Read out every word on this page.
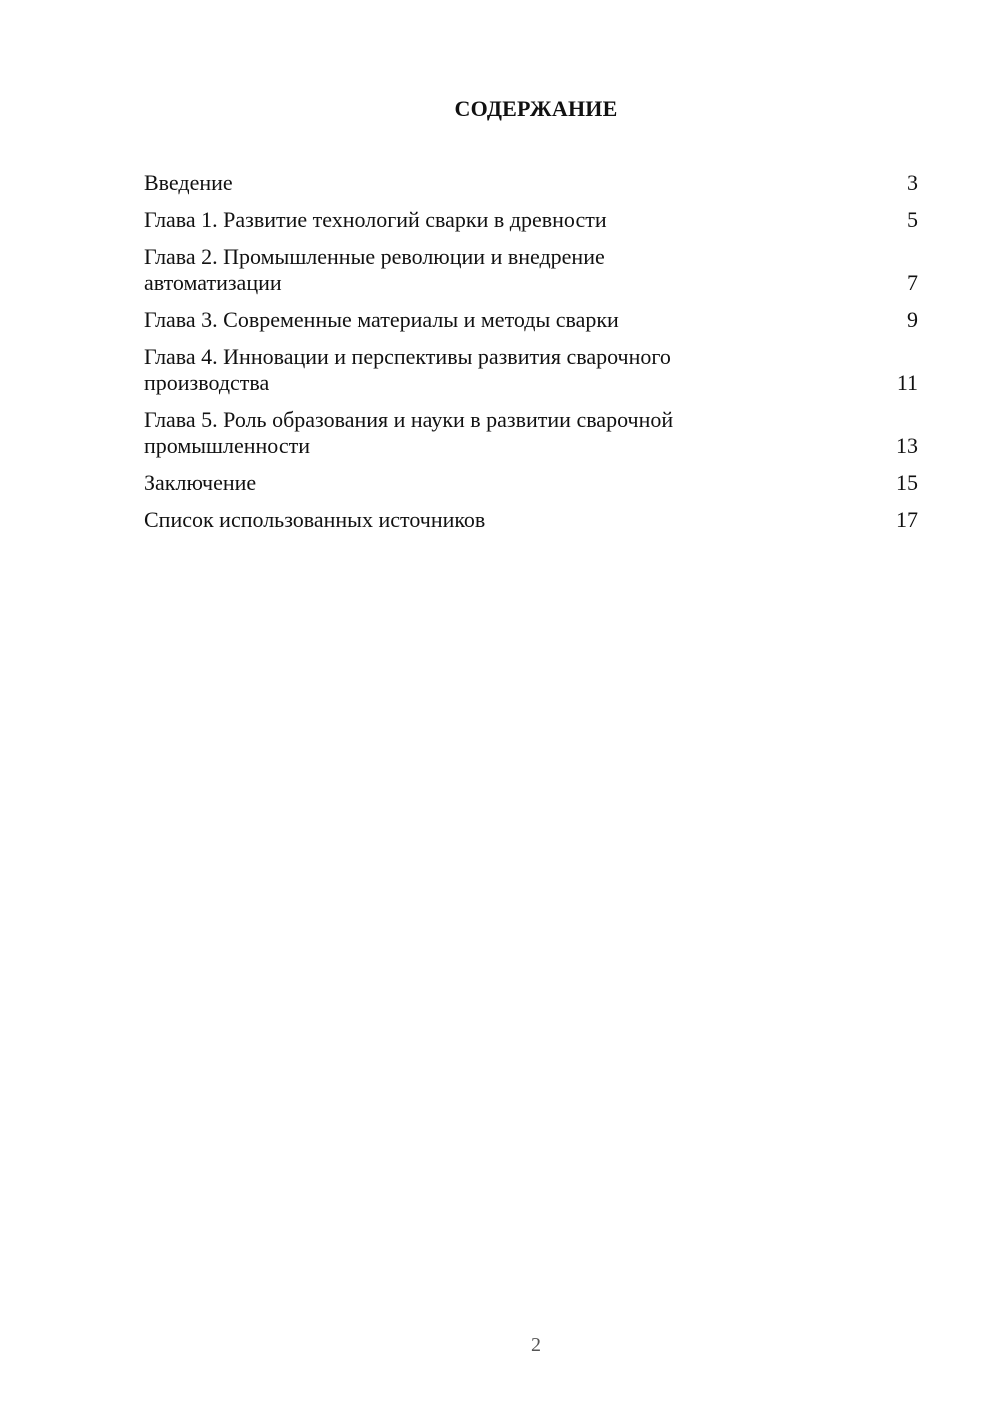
СОДЕРЖАНИЕ
Введение	3
Глава 1. Развитие технологий сварки в древности	5
Глава 2. Промышленные революции и внедрение автоматизации	7
Глава 3. Современные материалы и методы сварки	9
Глава 4. Инновации и перспективы развития сварочного производства	11
Глава 5. Роль образования и науки в развитии сварочной промышленности	13
Заключение	15
Список использованных источников	17
2
